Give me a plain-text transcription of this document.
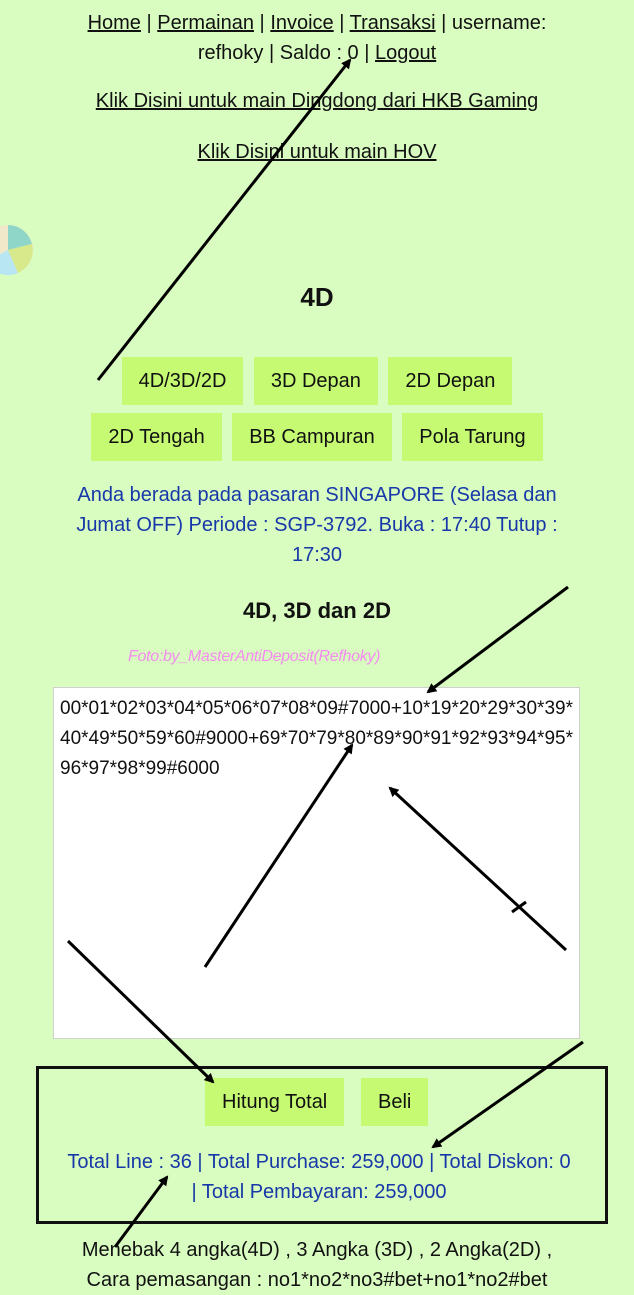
Home | Permainan | Invoice | Transaksi | username:
refhoky | Saldo : 0 | Logout
Klik Disini untuk main Dingdong dari HKB Gaming
Klik Disini untuk main HOV
4D
4D/3D/2D 3D Depan 2D Depan
2D Tengah BB Campuran Pola Tarung
Anda berada pada pasaran SINGAPORE (Selasa dan Jumat OFF) Periode : SGP-3792. Buka : 17:40 Tutup : 17:30
4D, 3D dan 2D
Foto:by_MasterAntiDeposit(Refhoky)
00*01*02*03*04*05*06*07*08*09#7000+10*19*20*29*30*39*40*49*50*59*60#9000+69*70*79*80*89*90*91*92*93*94*95*96*97*98*99#6000
Hitung Total	Beli
Total Line : 36 | Total Purchase: 259,000 | Total Diskon: 0
| Total Pembayaran: 259,000
Menebak 4 angka(4D) , 3 Angka (3D) , 2 Angka(2D) ,
Cara pemasangan : no1*no2*no3#bet+no1*no2#bet
